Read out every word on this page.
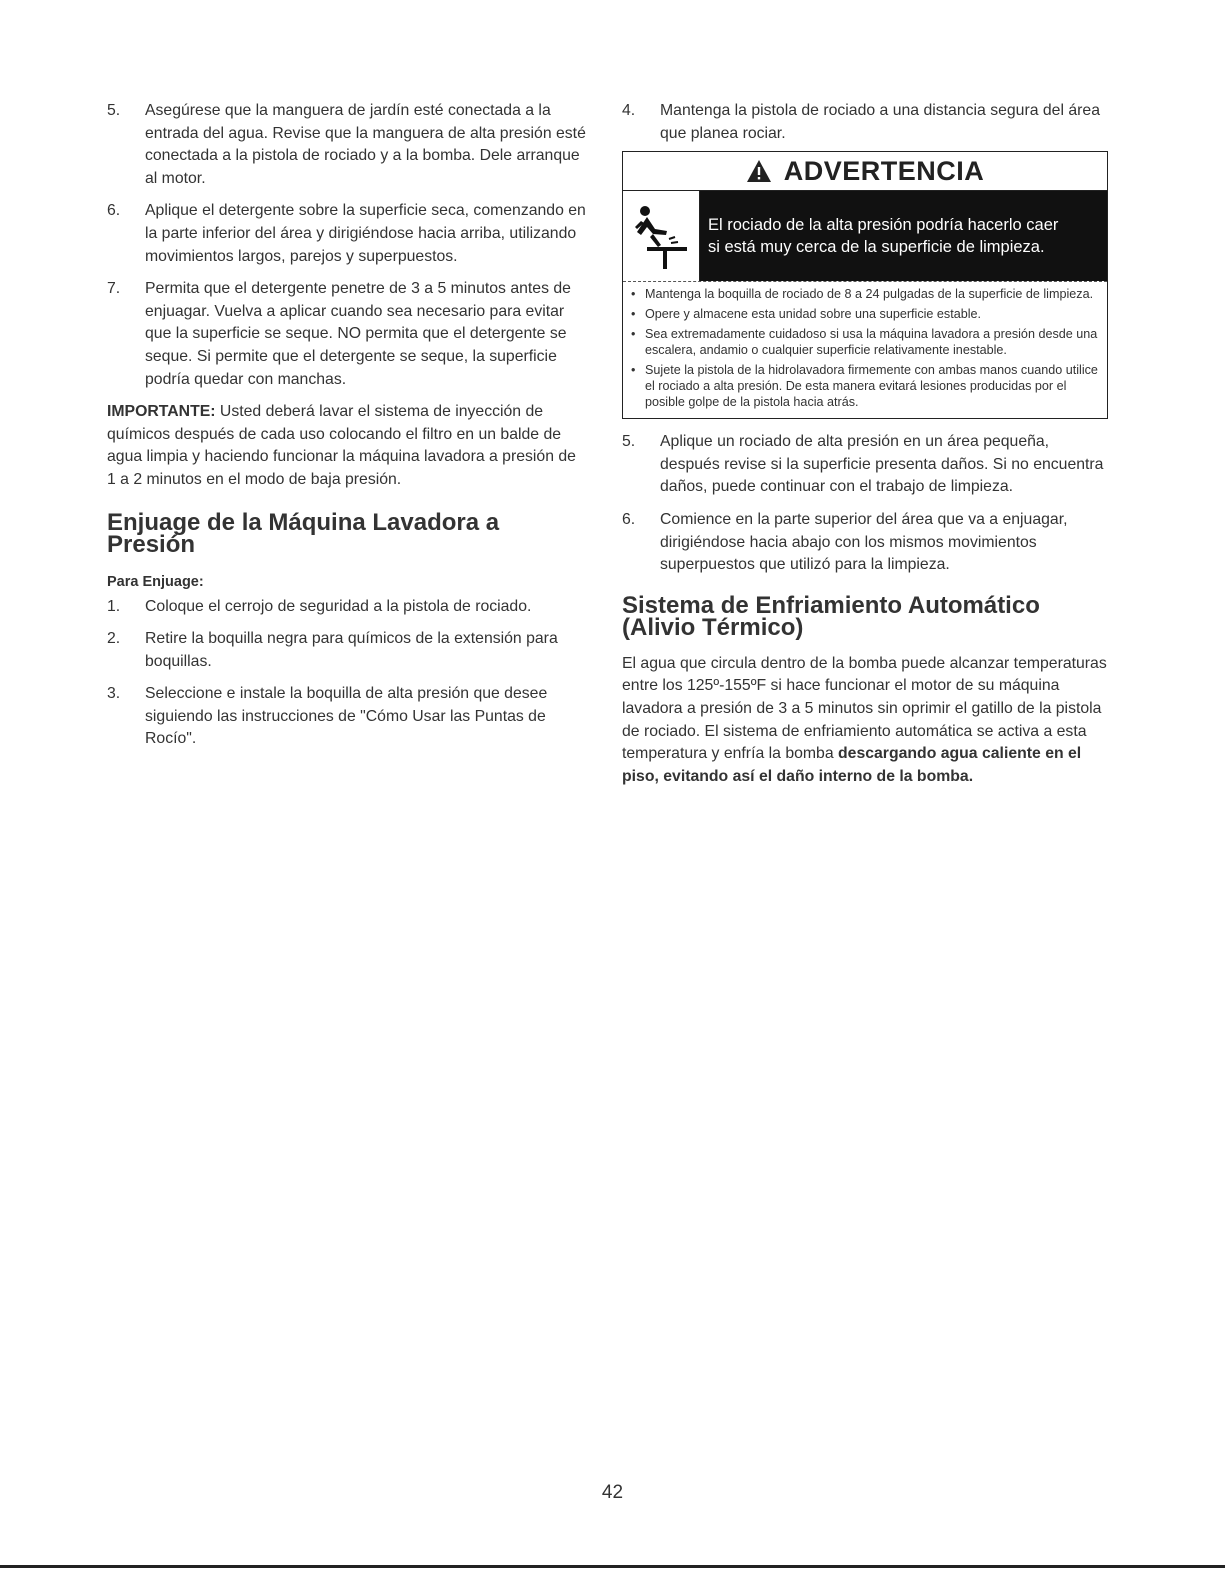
5. Asegúrese que la manguera de jardín esté conectada a la entrada del agua. Revise que la manguera de alta presión esté conectada a la pistola de rociado y a la bomba. Dele arranque al motor.
6. Aplique el detergente sobre la superficie seca, comenzando en la parte inferior del área y dirigiéndose hacia arriba, utilizando movimientos largos, parejos y superpuestos.
7. Permita que el detergente penetre de 3 a 5 minutos antes de enjuagar. Vuelva a aplicar cuando sea necesario para evitar que la superficie se seque. NO permita que el detergente se seque. Si permite que el detergente se seque, la superficie podría quedar con manchas.

IMPORTANTE: Usted deberá lavar el sistema de inyección de químicos después de cada uso colocando el filtro en un balde de agua limpia y haciendo funcionar la máquina lavadora a presión de 1 a 2 minutos en el modo de baja presión.

Enjuage de la Máquina Lavadora a Presión
Para Enjuage:
1. Coloque el cerrojo de seguridad a la pistola de rociado.
2. Retire la boquilla negra para químicos de la extensión para boquillas.
3. Seleccione e instale la boquilla de alta presión que desee siguiendo las instrucciones de "Cómo Usar las Puntas de Rocío".
4. Mantenga la pistola de rociado a una distancia segura del área que planea rociar.
ADVERTENCIA
El rociado de la alta presión podría hacerlo caer
si está muy cerca de la superficie de limpieza.
• Mantenga la boquilla de rociado de 8 a 24 pulgadas de la superficie de limpieza.
• Opere y almacene esta unidad sobre una superficie estable.
• Sea extremadamente cuidadoso si usa la máquina lavadora a presión desde una escalera, andamio o cualquier superficie relativamente inestable.
• Sujete la pistola de la hidrolavadora firmemente con ambas manos cuando utilice el rociado a alta presión. De esta manera evitará lesiones producidas por el posible golpe de la pistola hacia atrás.
5. Aplique un rociado de alta presión en un área pequeña, después revise si la superficie presenta daños. Si no encuentra daños, puede continuar con el trabajo de limpieza.
6. Comience en la parte superior del área que va a enjuagar, dirigiéndose hacia abajo con los mismos movimientos superpuestos que utilizó para la limpieza.
Sistema de Enfriamiento Automático (Alivio Térmico)

El agua que circula dentro de la bomba puede alcanzar temperaturas entre los 125º-155ºF si hace funcionar el motor de su máquina lavadora a presión de 3 a 5 minutos sin oprimir el gatillo de la pistola de rociado. El sistema de enfriamiento automática se activa a esta temperatura y enfría la bomba descargando agua caliente en el piso, evitando así el daño interno de la bomba.

42
